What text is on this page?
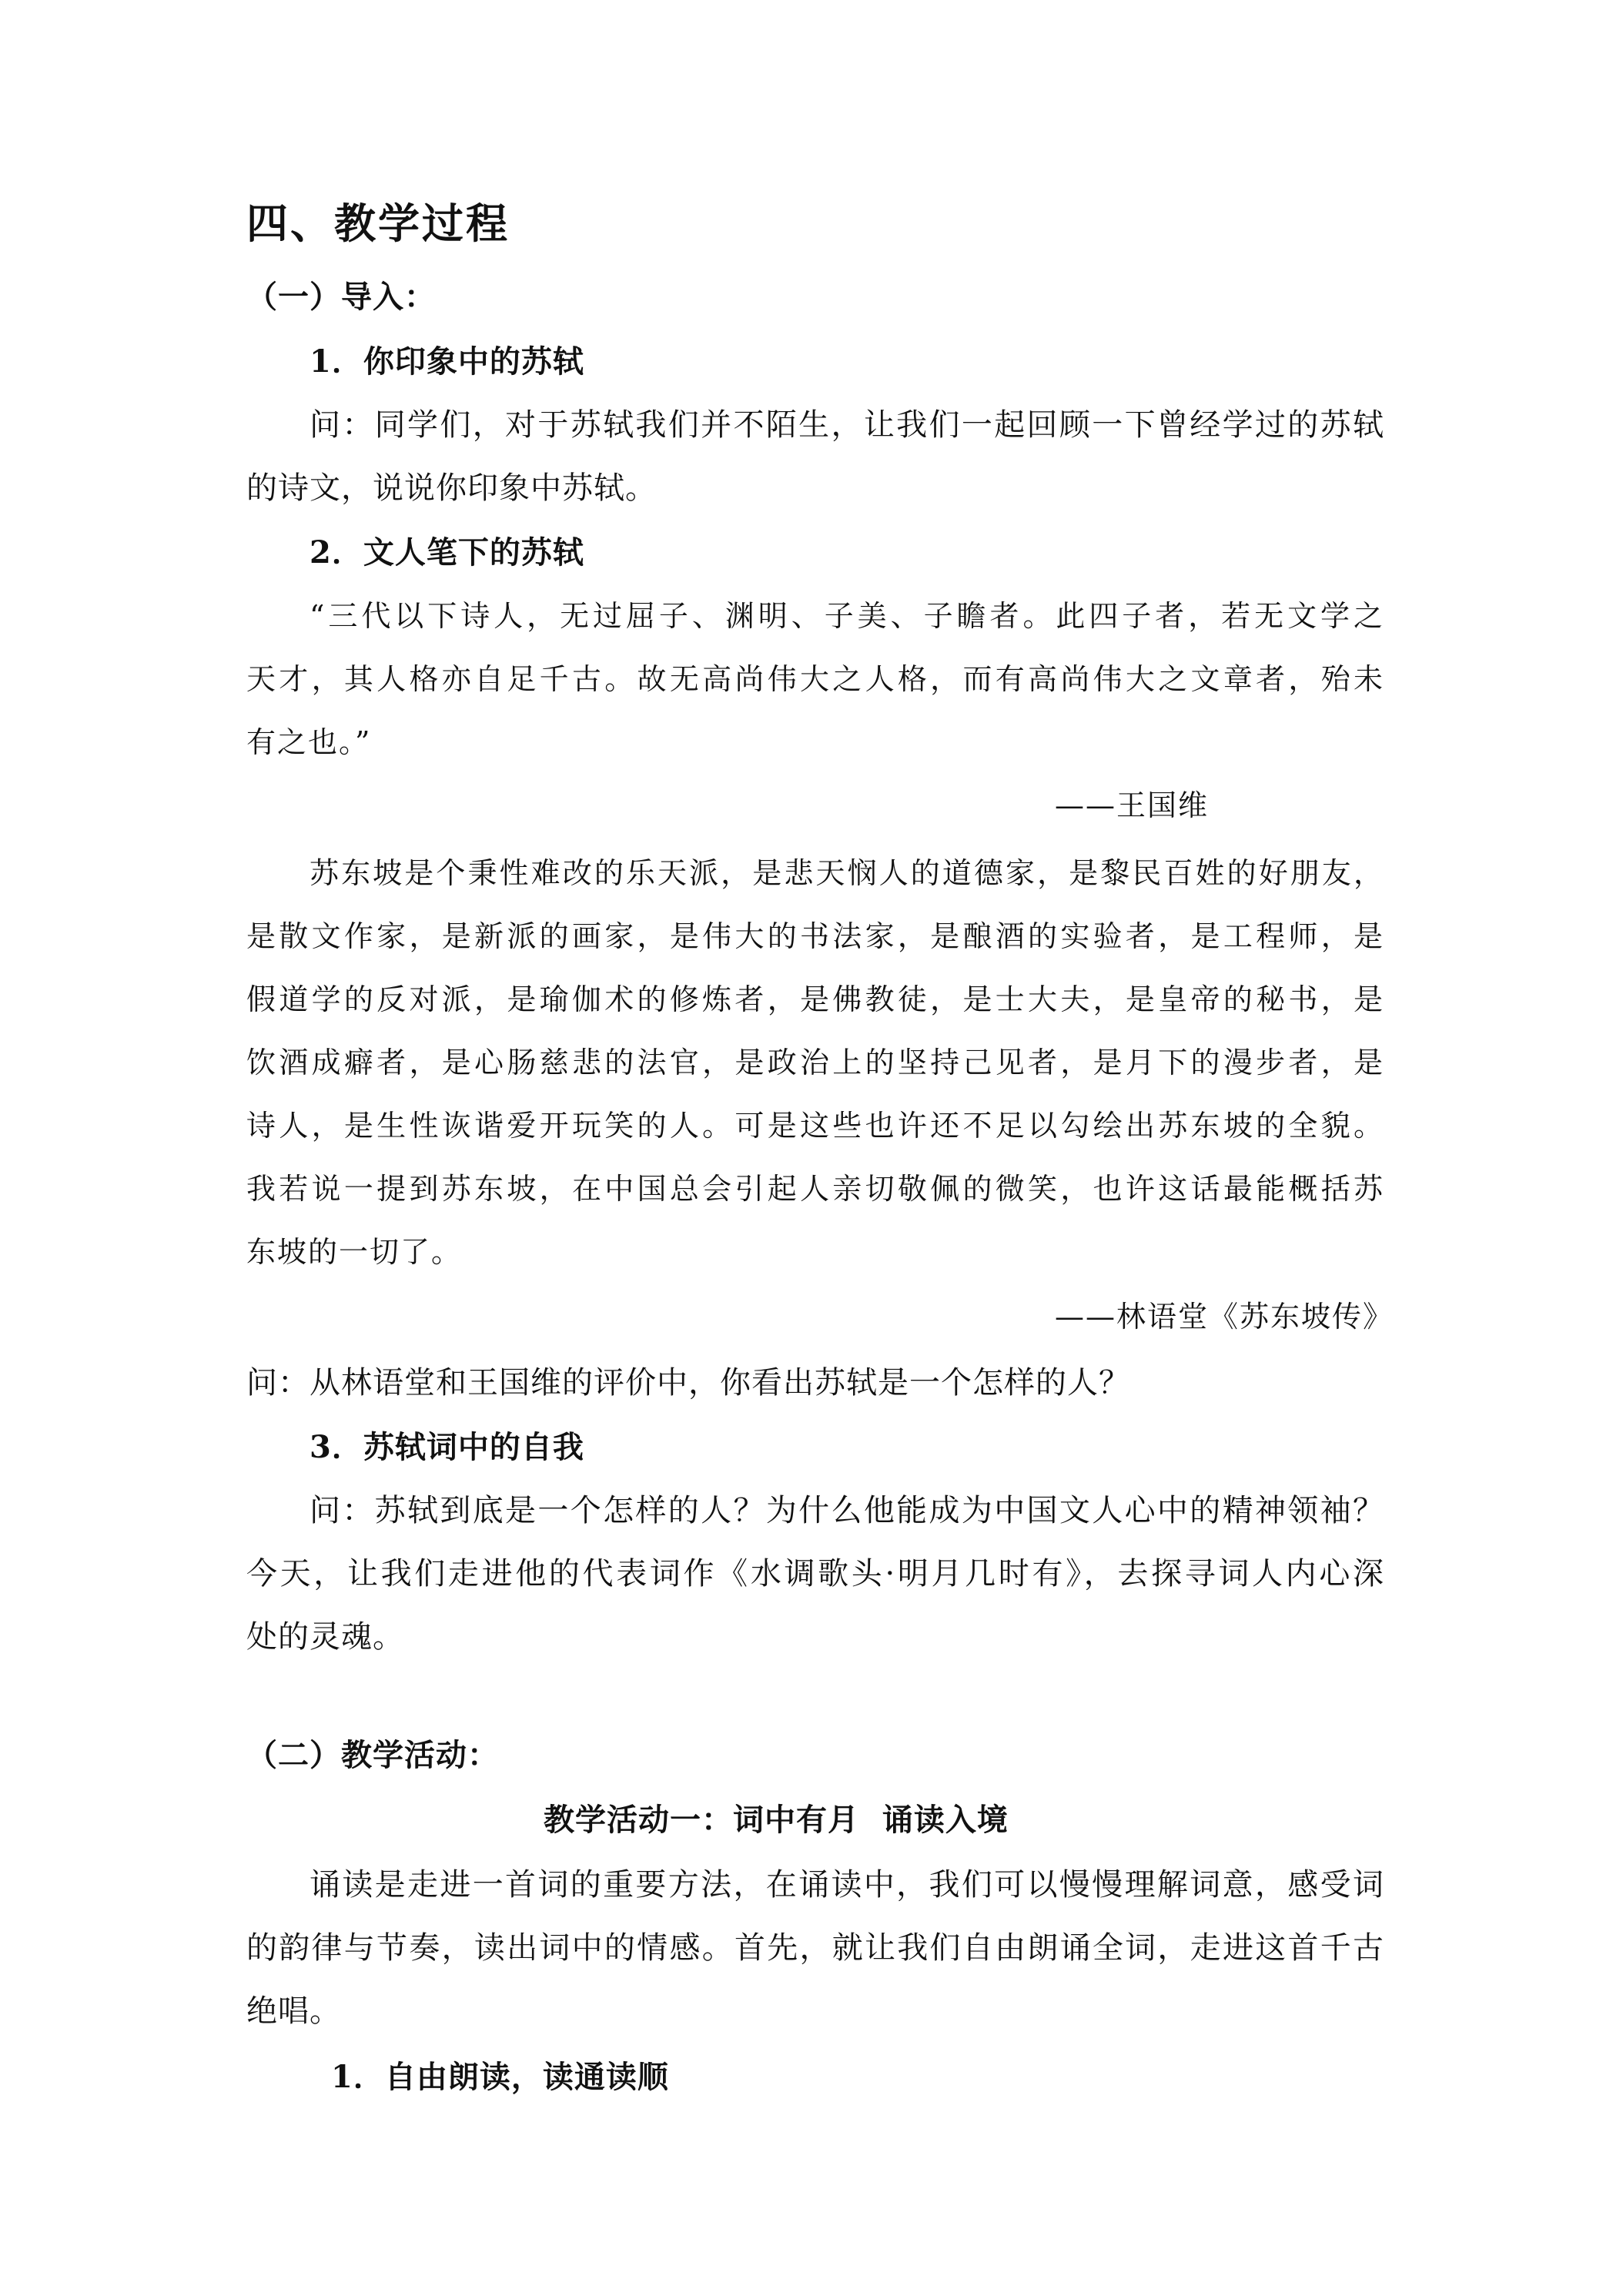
四、教学过程
（一）导入：
1．你印象中的苏轼
问：同学们，对于苏轼我们并不陌生，让我们一起回顾一下曾经学过的苏轼
的诗文，说说你印象中苏轼。
2．文人笔下的苏轼
“三代以下诗人，无过屈子、渊明、子美、子瞻者。此四子者，若无文学之
天才，其人格亦自足千古。故无高尚伟大之人格，而有高尚伟大之文章者，殆未
有之也。”
——王国维
苏东坡是个秉性难改的乐天派，是悲天悯人的道德家，是黎民百姓的好朋友，
是散文作家，是新派的画家，是伟大的书法家，是酿酒的实验者，是工程师，是
假道学的反对派，是瑜伽术的修炼者，是佛教徒，是士大夫，是皇帝的秘书，是
饮酒成癖者，是心肠慈悲的法官，是政治上的坚持己见者，是月下的漫步者，是
诗人，是生性诙谐爱开玩笑的人。可是这些也许还不足以勾绘出苏东坡的全貌。
我若说一提到苏东坡，在中国总会引起人亲切敬佩的微笑，也许这话最能概括苏
东坡的一切了。
——林语堂《苏东坡传》
问：从林语堂和王国维的评价中，你看出苏轼是一个怎样的人？
3．苏轼词中的自我
问：苏轼到底是一个怎样的人？为什么他能成为中国文人心中的精神领袖？
今天，让我们走进他的代表词作《水调歌头·明月几时有》，去探寻词人内心深
处的灵魂。
（二）教学活动：
教学活动一：词中有月  诵读入境
诵读是走进一首词的重要方法，在诵读中，我们可以慢慢理解词意，感受词
的韵律与节奏，读出词中的情感。首先，就让我们自由朗诵全词，走进这首千古
绝唱。
1．自由朗读，读通读顺
